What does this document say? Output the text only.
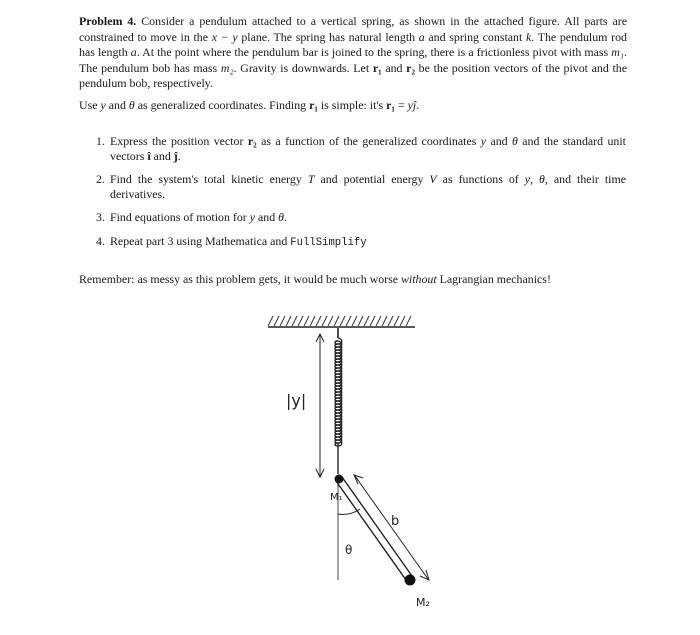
Problem 4. Consider a pendulum attached to a vertical spring, as shown in the attached figure. All parts are constrained to move in the x − y plane. The spring has natural length a and spring constant k. The pendulum rod has length a. At the point where the pendulum bar is joined to the spring, there is a frictionless pivot with mass m₁. The pendulum bob has mass m₂. Gravity is downwards. Let r₁ and r₂ be the position vectors of the pivot and the pendulum bob, respectively.

Use y and θ as generalized coordinates. Finding r₁ is simple: it's r₁ = yĵ.

1. Express the position vector r₂ as a function of the generalized coordinates y and θ and the standard unit vectors î and ĵ.
2. Find the system's total kinetic energy T and potential energy V as functions of y, θ, and their time derivatives.
3. Find equations of motion for y and θ.
4. Repeat part 3 using Mathematica and FullSimplify

Remember: as messy as this problem gets, it would be much worse without Lagrangian mechanics!

|y|
b
θ
M₁
M₂
